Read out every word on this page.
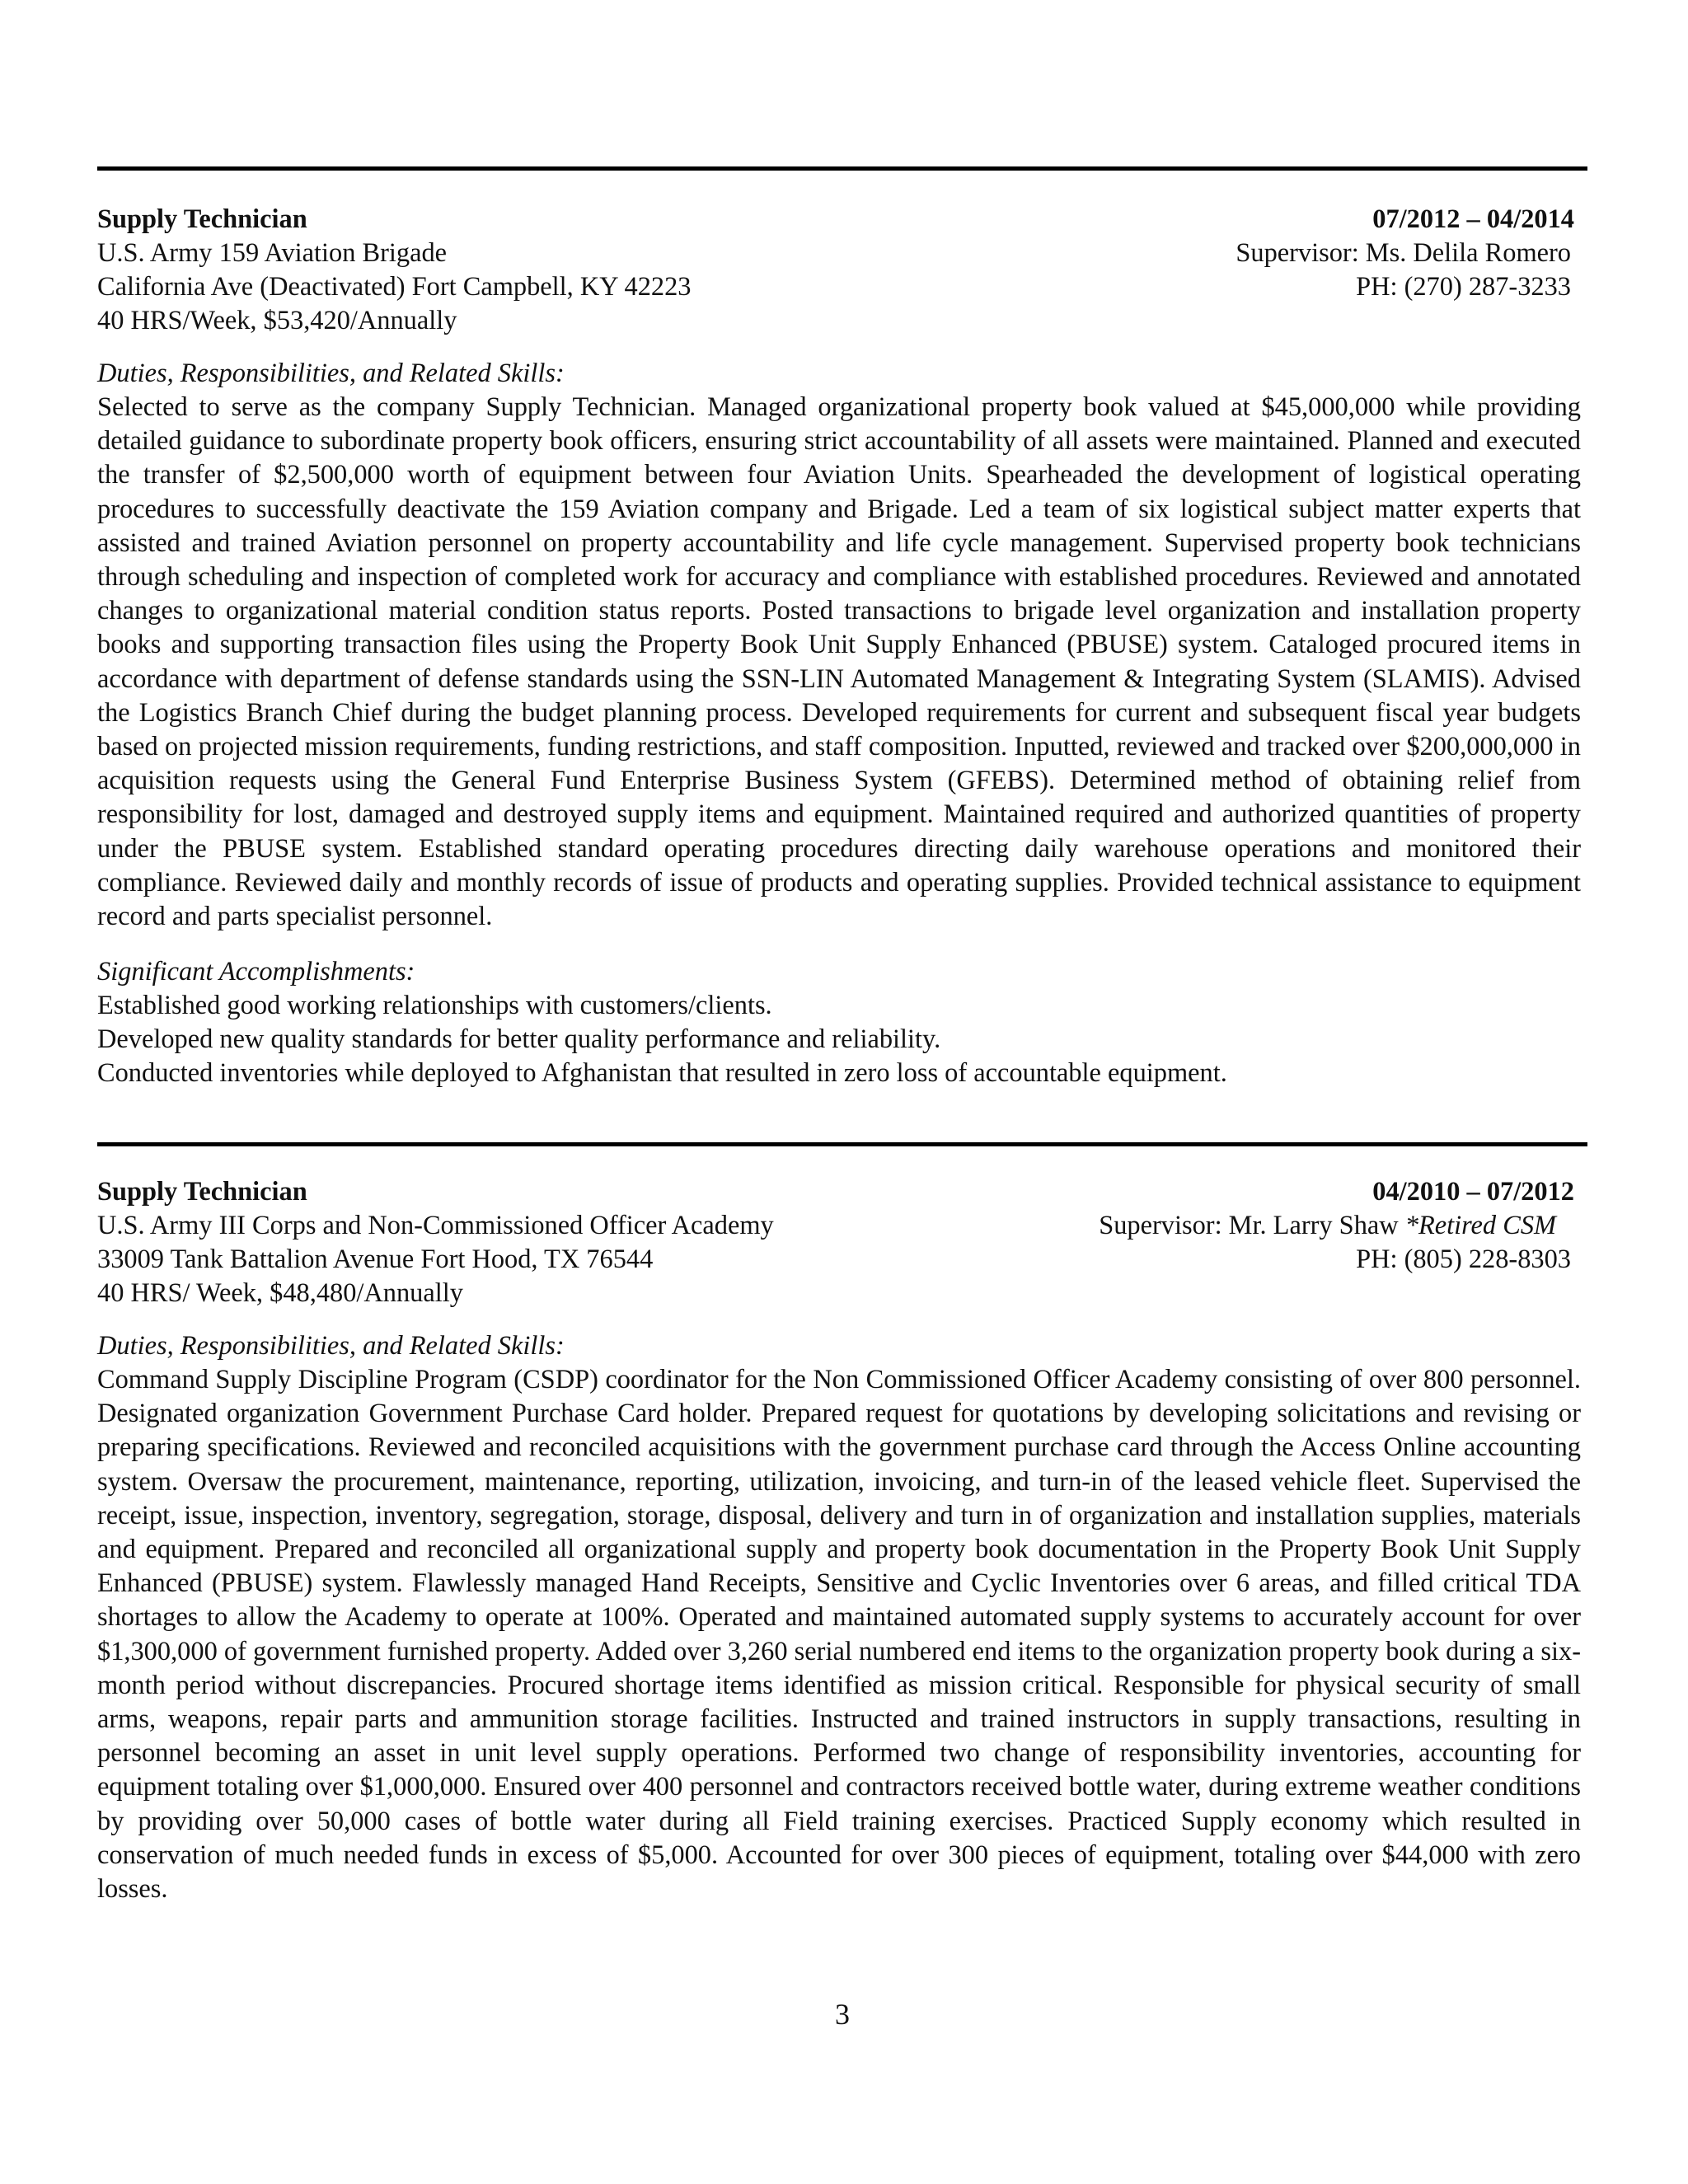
Supply Technician	07/2012 – 04/2014
U.S. Army 159 Aviation Brigade	Supervisor: Ms. Delila Romero
California Ave (Deactivated) Fort Campbell, KY 42223	PH: (270) 287-3233
40 HRS/Week, $53,420/Annually
Duties, Responsibilities, and Related Skills:
Selected to serve as the company Supply Technician. Managed organizational property book valued at $45,000,000 while providing detailed guidance to subordinate property book officers, ensuring strict accountability of all assets were maintained. Planned and executed the transfer of $2,500,000 worth of equipment between four Aviation Units. Spearheaded the development of logistical operating procedures to successfully deactivate the 159 Aviation company and Brigade. Led a team of six logistical subject matter experts that assisted and trained Aviation personnel on property accountability and life cycle management. Supervised property book technicians through scheduling and inspection of completed work for accuracy and compliance with established procedures. Reviewed and annotated changes to organizational material condition status reports. Posted transactions to brigade level organization and installation property books and supporting transaction files using the Property Book Unit Supply Enhanced (PBUSE) system. Cataloged procured items in accordance with department of defense standards using the SSN-LIN Automated Management & Integrating System (SLAMIS). Advised the Logistics Branch Chief during the budget planning process. Developed requirements for current and subsequent fiscal year budgets based on projected mission requirements, funding restrictions, and staff composition. Inputted, reviewed and tracked over $200,000,000 in acquisition requests using the General Fund Enterprise Business System (GFEBS). Determined method of obtaining relief from responsibility for lost, damaged and destroyed supply items and equipment. Maintained required and authorized quantities of property under the PBUSE system. Established standard operating procedures directing daily warehouse operations and monitored their compliance. Reviewed daily and monthly records of issue of products and operating supplies. Provided technical assistance to equipment record and parts specialist personnel.
Significant Accomplishments:
Established good working relationships with customers/clients.
Developed new quality standards for better quality performance and reliability.
Conducted inventories while deployed to Afghanistan that resulted in zero loss of accountable equipment.
Supply Technician	04/2010 – 07/2012
U.S. Army III Corps and Non-Commissioned Officer Academy	Supervisor: Mr. Larry Shaw *Retired CSM
33009 Tank Battalion Avenue Fort Hood, TX 76544	PH: (805) 228-8303
40 HRS/ Week, $48,480/Annually
Duties, Responsibilities, and Related Skills:
Command Supply Discipline Program (CSDP) coordinator for the Non Commissioned Officer Academy consisting of over 800 personnel. Designated organization Government Purchase Card holder. Prepared request for quotations by developing solicitations and revising or preparing specifications. Reviewed and reconciled acquisitions with the government purchase card through the Access Online accounting system. Oversaw the procurement, maintenance, reporting, utilization, invoicing, and turn-in of the leased vehicle fleet. Supervised the receipt, issue, inspection, inventory, segregation, storage, disposal, delivery and turn in of organization and installation supplies, materials and equipment. Prepared and reconciled all organizational supply and property book documentation in the Property Book Unit Supply Enhanced (PBUSE) system. Flawlessly managed Hand Receipts, Sensitive and Cyclic Inventories over 6 areas, and filled critical TDA shortages to allow the Academy to operate at 100%. Operated and maintained automated supply systems to accurately account for over $1,300,000 of government furnished property. Added over 3,260 serial numbered end items to the organization property book during a six-month period without discrepancies. Procured shortage items identified as mission critical. Responsible for physical security of small arms, weapons, repair parts and ammunition storage facilities. Instructed and trained instructors in supply transactions, resulting in personnel becoming an asset in unit level supply operations. Performed two change of responsibility inventories, accounting for equipment totaling over $1,000,000. Ensured over 400 personnel and contractors received bottle water, during extreme weather conditions by providing over 50,000 cases of bottle water during all Field training exercises. Practiced Supply economy which resulted in conservation of much needed funds in excess of $5,000. Accounted for over 300 pieces of equipment, totaling over $44,000 with zero losses.
3
